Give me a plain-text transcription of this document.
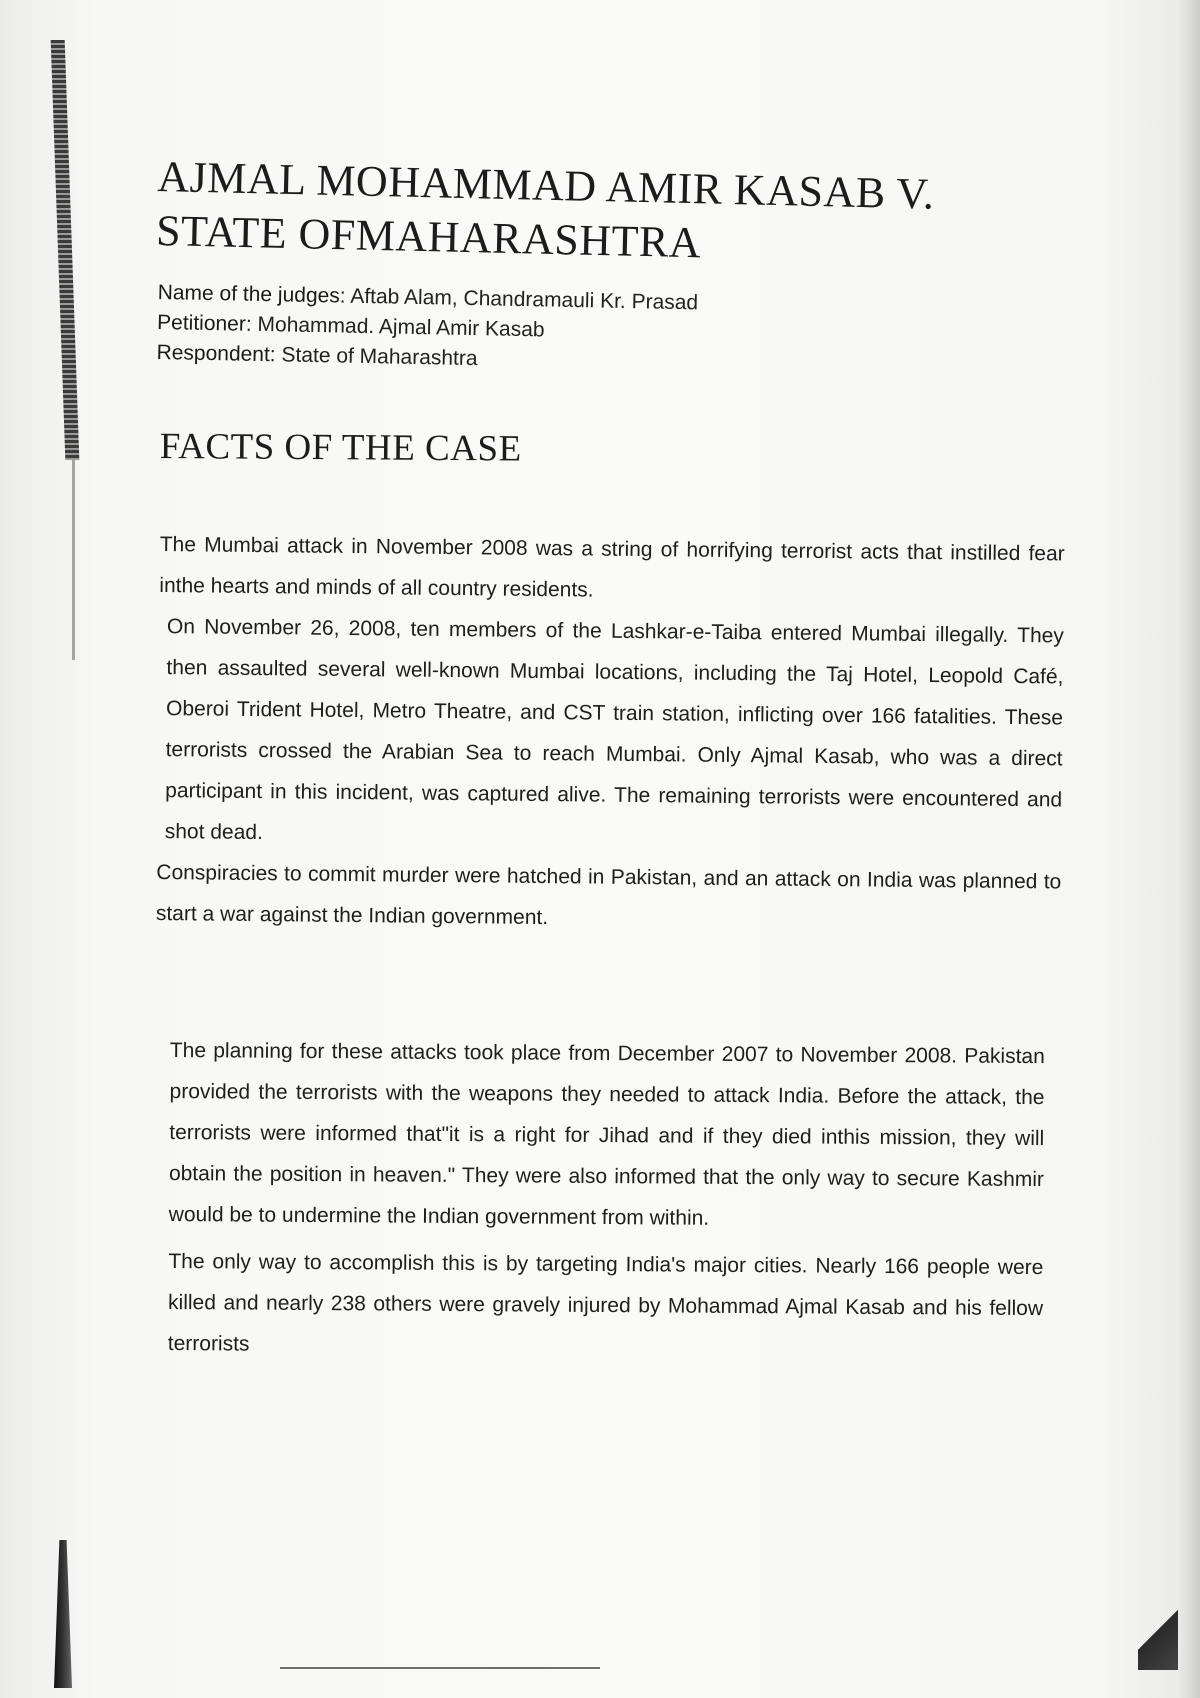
AJMAL MOHAMMAD AMIR KASAB V. STATE OFMAHARASHTRA
Name of the judges: Aftab Alam, Chandramauli Kr. Prasad
Petitioner: Mohammad. Ajmal Amir Kasab
Respondent: State of Maharashtra
FACTS OF THE CASE

The Mumbai attack in November 2008 was a string of horrifying terrorist acts that instilled fear inthe hearts and minds of all country residents.

On November 26, 2008, ten members of the Lashkar-e-Taiba entered Mumbai illegally. They then assaulted several well-known Mumbai locations, including the Taj Hotel, Leopold Café, Oberoi Trident Hotel, Metro Theatre, and CST train station, inflicting over 166 fatalities. These terrorists crossed the Arabian Sea to reach Mumbai. Only Ajmal Kasab, who was a direct participant in this incident, was captured alive. The remaining terrorists were encountered and shot dead.

Conspiracies to commit murder were hatched in Pakistan, and an attack on India was planned to start a war against the Indian government.

The planning for these attacks took place from December 2007 to November 2008. Pakistan provided the terrorists with the weapons they needed to attack India. Before the attack, the terrorists were informed that"it is a right for Jihad and if they died inthis mission, they will obtain the position in heaven." They were also informed that the only way to secure Kashmir would be to undermine the Indian government from within.

The only way to accomplish this is by targeting India's major cities. Nearly 166 people were killed and nearly 238 others were gravely injured by Mohammad Ajmal Kasab and his fellow terrorists
